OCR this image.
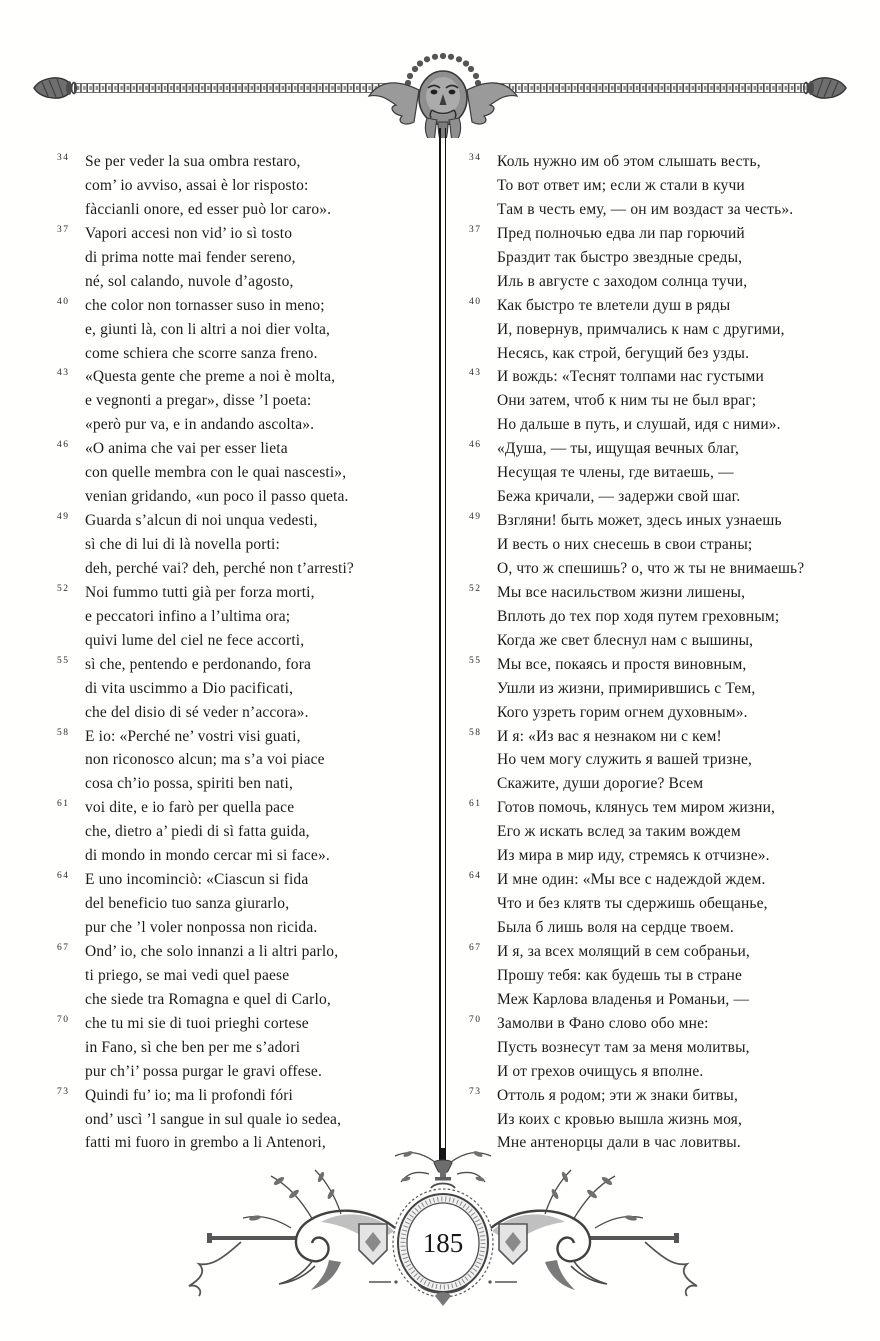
34 Se per veder la sua ombra restaro,
com’ io avviso, assai è lor risposto:
fàccianli onore, ed esser può lor caro».
37 Vapori accesi non vid’ io sì tosto
di prima notte mai fender sereno,
né, sol calando, nuvole d’agosto,
40 che color non tornasser suso in meno;
e, giunti là, con li altri a noi dier volta,
come schiera che scorre sanza freno.
43 «Questa gente che preme a noi è molta,
e vegnonti a pregar», disse ’l poeta:
«però pur va, e in andando ascolta».
46 «O anima che vai per esser lieta
con quelle membra con le quai nascesti»,
venian gridando, «un poco il passo queta.
49 Guarda s’alcun di noi unqua vedesti,
sì che di lui di là novella porti:
deh, perché vai? deh, perché non t’arresti?
52 Noi fummo tutti già per forza morti,
e peccatori infino a l’ultima ora;
quivi lume del ciel ne fece accorti,
55 sì che, pentendo e perdonando, fora
di vita uscimmo a Dio pacificati,
che del disio di sé veder n’accora».
58 E io: «Perché ne’ vostri visi guati,
non riconosco alcun; ma s’a voi piace
cosa ch’io possa, spiriti ben nati,
61 voi dite, e io farò per quella pace
che, dietro a’ piedi di sì fatta guida,
di mondo in mondo cercar mi si face».
64 E uno incominciò: «Ciascun si fida
del beneficio tuo sanza giurarlo,
pur che ’l voler nonpossa non ricida.
67 Ond’ io, che solo innanzi a li altri parlo,
ti priego, se mai vedi quel paese
che siede tra Romagna e quel di Carlo,
70 che tu mi sie di tuoi prieghi cortese
in Fano, sì che ben per me s’adori
pur ch’i’ possa purgar le gravi offese.
73 Quindi fu’ io; ma li profondi fóri
ond’ uscì ’l sangue in sul quale io sedea,
fatti mi fuoro in grembo a li Antenori,
34 Коль нужно им об этом слышать весть,
То вот ответ им; если ж стали в кучи
Там в честь ему, — он им воздаст за честь».
37 Пред полночью едва ли пар горючий
Браздит так быстро звездные среды,
Иль в августе с заходом солнца тучи,
40 Как быстро те влетели душ в ряды
И, повернув, примчались к нам с другими,
Несясь, как строй, бегущий без узды.
43 И вождь: «Теснят толпами нас густыми
Они затем, чтоб к ним ты не был враг;
Но дальше в путь, и слушай, идя с ними».
46 «Душа, — ты, ищущая вечных благ,
Несущая те члены, где витаешь, —
Бежа кричали, — задержи свой шаг.
49 Взгляни! быть может, здесь иных узнаешь
И весть о них снесешь в свои страны;
О, что ж спешишь? о, что ж ты не внимаешь?
52 Мы все насильством жизни лишены,
Вплоть до тех пор ходя путем греховным;
Когда же свет блеснул нам с вышины,
55 Мы все, покаясь и простя виновным,
Ушли из жизни, примирившись с Тем,
Кого узреть горим огнем духовным».
58 И я: «Из вас я незнаком ни с кем!
Но чем могу служить я вашей тризне,
Скажите, души дорогие? Всем
61 Готов помочь, клянусь тем миром жизни,
Его ж искать вслед за таким вождем
Из мира в мир иду, стремясь к отчизне».
64 И мне один: «Мы все с надеждой ждем.
Что и без клятв ты сдержишь обещанье,
Была б лишь воля на сердце твоем.
67 И я, за всех молящий в сем собраньи,
Прошу тебя: как будешь ты в стране
Меж Карлова владенья и Романьи, —
70 Замолви в Фано слово обо мне:
Пусть вознесут там за меня молитвы,
И от грехов очищусь я вполне.
73 Оттоль я родом; эти ж знаки битвы,
Из коих с кровью вышла жизнь моя,
Мне антенорцы дали в час ловитвы.
185
